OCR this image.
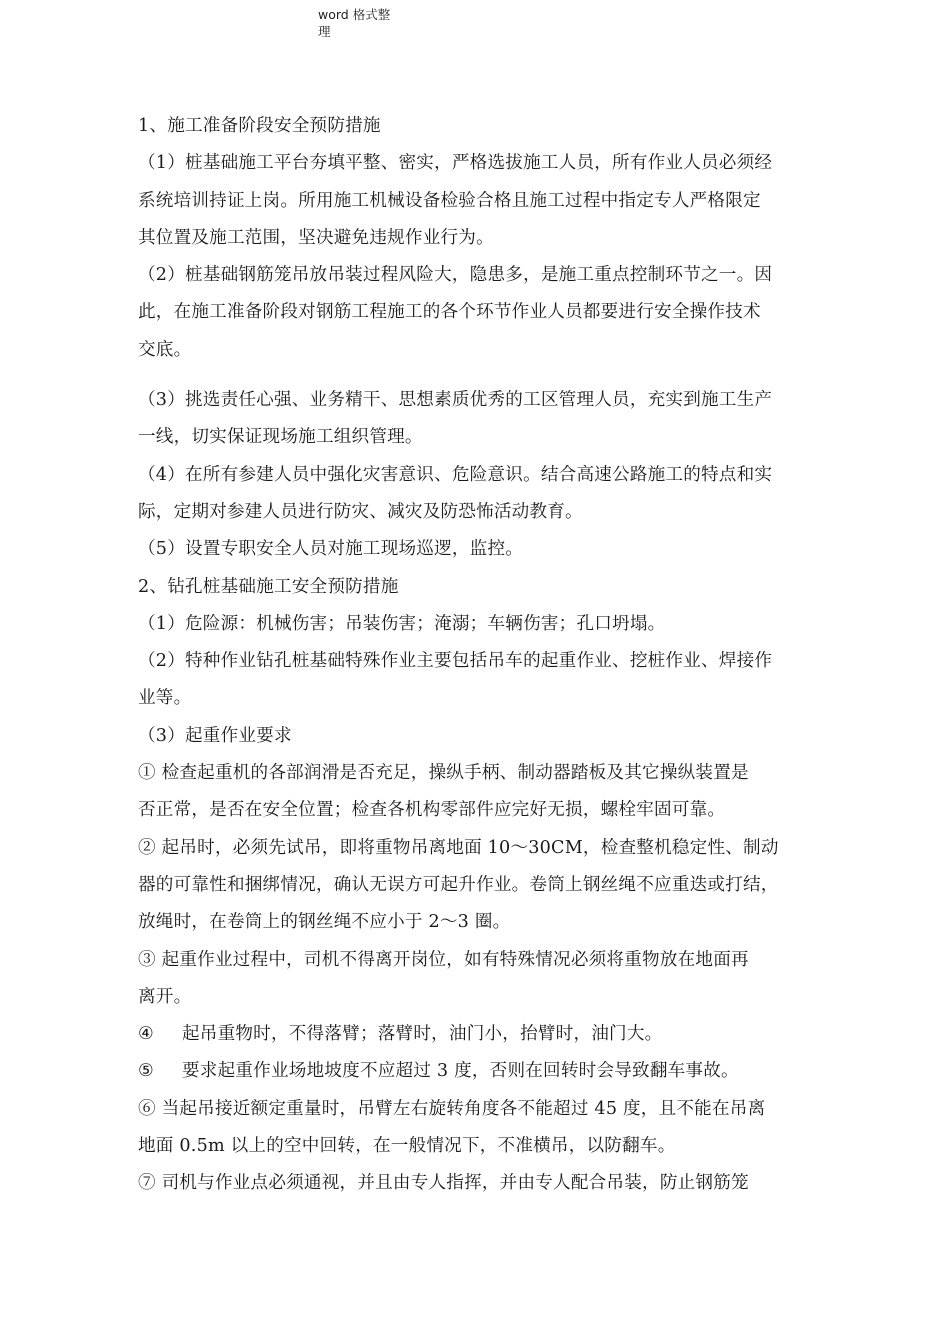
word 格式整
理
1、施工准备阶段安全预防措施
（1）桩基础施工平台夯填平整、密实，严格选拔施工人员，所有作业人员必须经
系统培训持证上岗。所用施工机械设备检验合格且施工过程中指定专人严格限定
其位置及施工范围，坚决避免违规作业行为。
（2）桩基础钢筋笼吊放吊装过程风险大，隐患多，是施工重点控制环节之一。因
此，在施工准备阶段对钢筋工程施工的各个环节作业人员都要进行安全操作技术
交底。
（3）挑选责任心强、业务精干、思想素质优秀的工区管理人员，充实到施工生产
一线，切实保证现场施工组织管理。
（4）在所有参建人员中强化灾害意识、危险意识。结合高速公路施工的特点和实
际，定期对参建人员进行防灾、减灾及防恐怖活动教育。
（5）设置专职安全人员对施工现场巡逻，监控。
2、钻孔桩基础施工安全预防措施
（1）危险源：机械伤害；吊装伤害；淹溺；车辆伤害；孔口坍塌。
（2）特种作业钻孔桩基础特殊作业主要包括吊车的起重作业、挖桩作业、焊接作
业等。
（3）起重作业要求
① 检查起重机的各部润滑是否充足，操纵手柄、制动器踏板及其它操纵装置是
否正常，是否在安全位置；检查各机构零部件应完好无损，螺栓牢固可靠。
② 起吊时，必须先试吊，即将重物吊离地面 10～30CM，检查整机稳定性、制动
器的可靠性和捆绑情况，确认无误方可起升作业。卷筒上钢丝绳不应重迭或打结，
放绳时，在卷筒上的钢丝绳不应小于 2～3 圈。
③ 起重作业过程中，司机不得离开岗位，如有特殊情况必须将重物放在地面再
离开。
④ 起吊重物时，不得落臂；落臂时，油门小，抬臂时，油门大。
⑤ 要求起重作业场地坡度不应超过 3 度，否则在回转时会导致翻车事故。
⑥ 当起吊接近额定重量时，吊臂左右旋转角度各不能超过 45 度，且不能在吊离
地面 0.5m 以上的空中回转，在一般情况下，不准横吊，以防翻车。
⑦ 司机与作业点必须通视，并且由专人指挥，并由专人配合吊装，防止钢筋笼
